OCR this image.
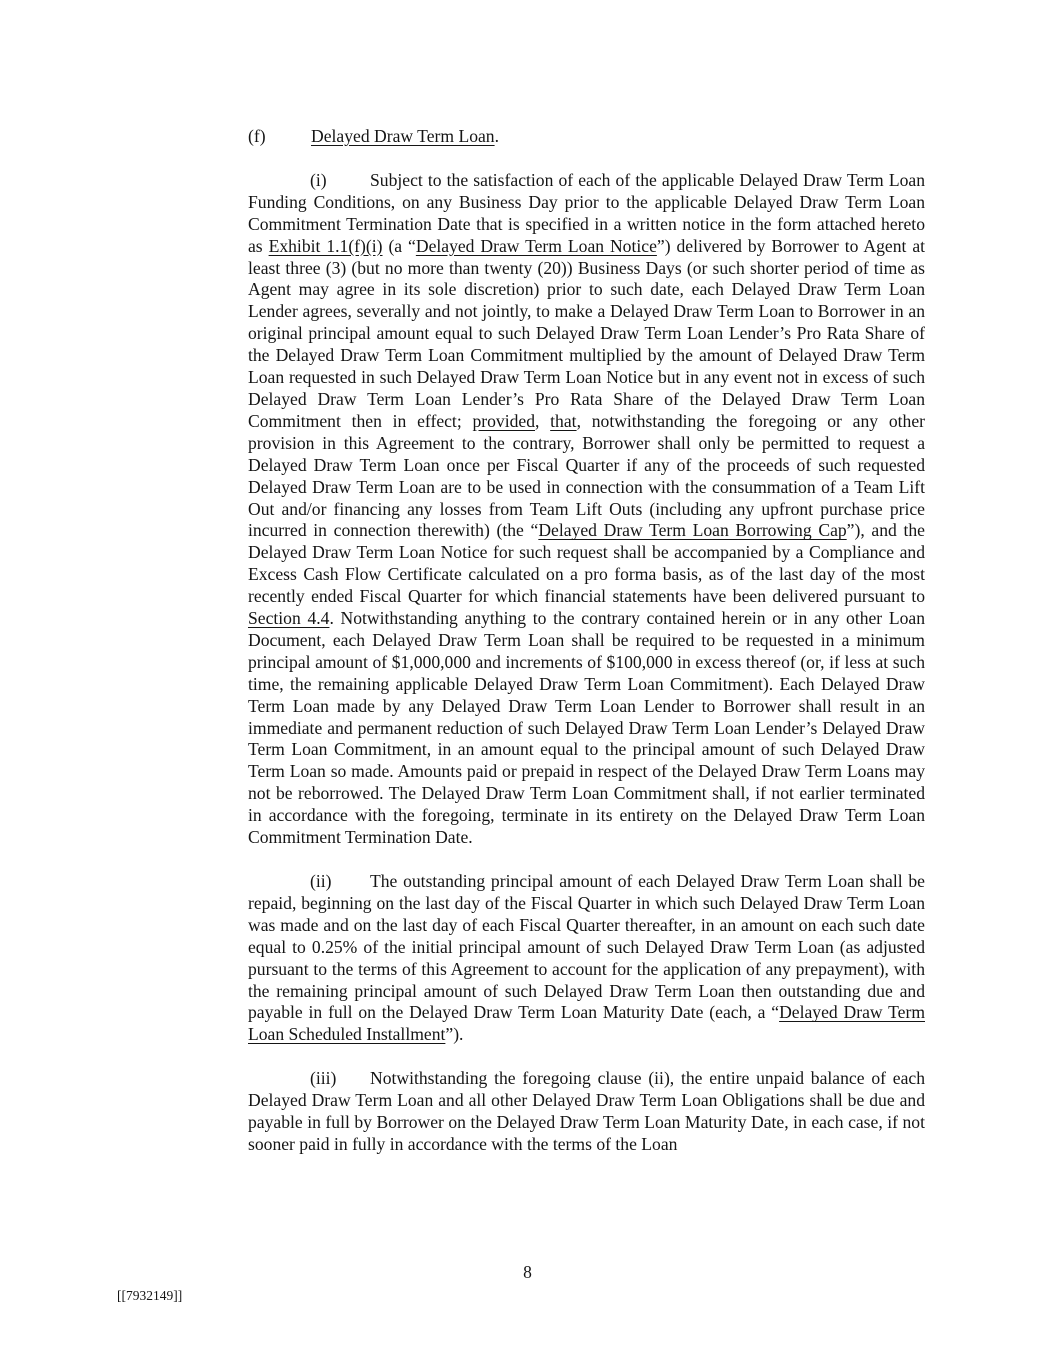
(f)	Delayed Draw Term Loan.

(i) Subject to the satisfaction of each of the applicable Delayed Draw Term Loan Funding Conditions, on any Business Day prior to the applicable Delayed Draw Term Loan Commitment Termination Date that is specified in a written notice in the form attached hereto as Exhibit 1.1(f)(i) (a “Delayed Draw Term Loan Notice”) delivered by Borrower to Agent at least three (3) (but no more than twenty (20)) Business Days (or such shorter period of time as Agent may agree in its sole discretion) prior to such date, each Delayed Draw Term Loan Lender agrees, severally and not jointly, to make a Delayed Draw Term Loan to Borrower in an original principal amount equal to such Delayed Draw Term Loan Lender’s Pro Rata Share of the Delayed Draw Term Loan Commitment multiplied by the amount of Delayed Draw Term Loan requested in such Delayed Draw Term Loan Notice but in any event not in excess of such Delayed Draw Term Loan Lender’s Pro Rata Share of the Delayed Draw Term Loan Commitment then in effect; provided, that, notwithstanding the foregoing or any other provision in this Agreement to the contrary, Borrower shall only be permitted to request a Delayed Draw Term Loan once per Fiscal Quarter if any of the proceeds of such requested Delayed Draw Term Loan are to be used in connection with the consummation of a Team Lift Out and/or financing any losses from Team Lift Outs (including any upfront purchase price incurred in connection therewith) (the “Delayed Draw Term Loan Borrowing Cap”), and the Delayed Draw Term Loan Notice for such request shall be accompanied by a Compliance and Excess Cash Flow Certificate calculated on a pro forma basis, as of the last day of the most recently ended Fiscal Quarter for which financial statements have been delivered pursuant to Section 4.4. Notwithstanding anything to the contrary contained herein or in any other Loan Document, each Delayed Draw Term Loan shall be required to be requested in a minimum principal amount of $1,000,000 and increments of $100,000 in excess thereof (or, if less at such time, the remaining applicable Delayed Draw Term Loan Commitment). Each Delayed Draw Term Loan made by any Delayed Draw Term Loan Lender to Borrower shall result in an immediate and permanent reduction of such Delayed Draw Term Loan Lender’s Delayed Draw Term Loan Commitment, in an amount equal to the principal amount of such Delayed Draw Term Loan so made. Amounts paid or prepaid in respect of the Delayed Draw Term Loans may not be reborrowed. The Delayed Draw Term Loan Commitment shall, if not earlier terminated in accordance with the foregoing, terminate in its entirety on the Delayed Draw Term Loan Commitment Termination Date.

(ii) The outstanding principal amount of each Delayed Draw Term Loan shall be repaid, beginning on the last day of the Fiscal Quarter in which such Delayed Draw Term Loan was made and on the last day of each Fiscal Quarter thereafter, in an amount on each such date equal to 0.25% of the initial principal amount of such Delayed Draw Term Loan (as adjusted pursuant to the terms of this Agreement to account for the application of any prepayment), with the remaining principal amount of such Delayed Draw Term Loan then outstanding due and payable in full on the Delayed Draw Term Loan Maturity Date (each, a “Delayed Draw Term Loan Scheduled Installment”).

(iii) Notwithstanding the foregoing clause (ii), the entire unpaid balance of each Delayed Draw Term Loan and all other Delayed Draw Term Loan Obligations shall be due and payable in full by Borrower on the Delayed Draw Term Loan Maturity Date, in each case, if not sooner paid in fully in accordance with the terms of the Loan

8
[[7932149]]
